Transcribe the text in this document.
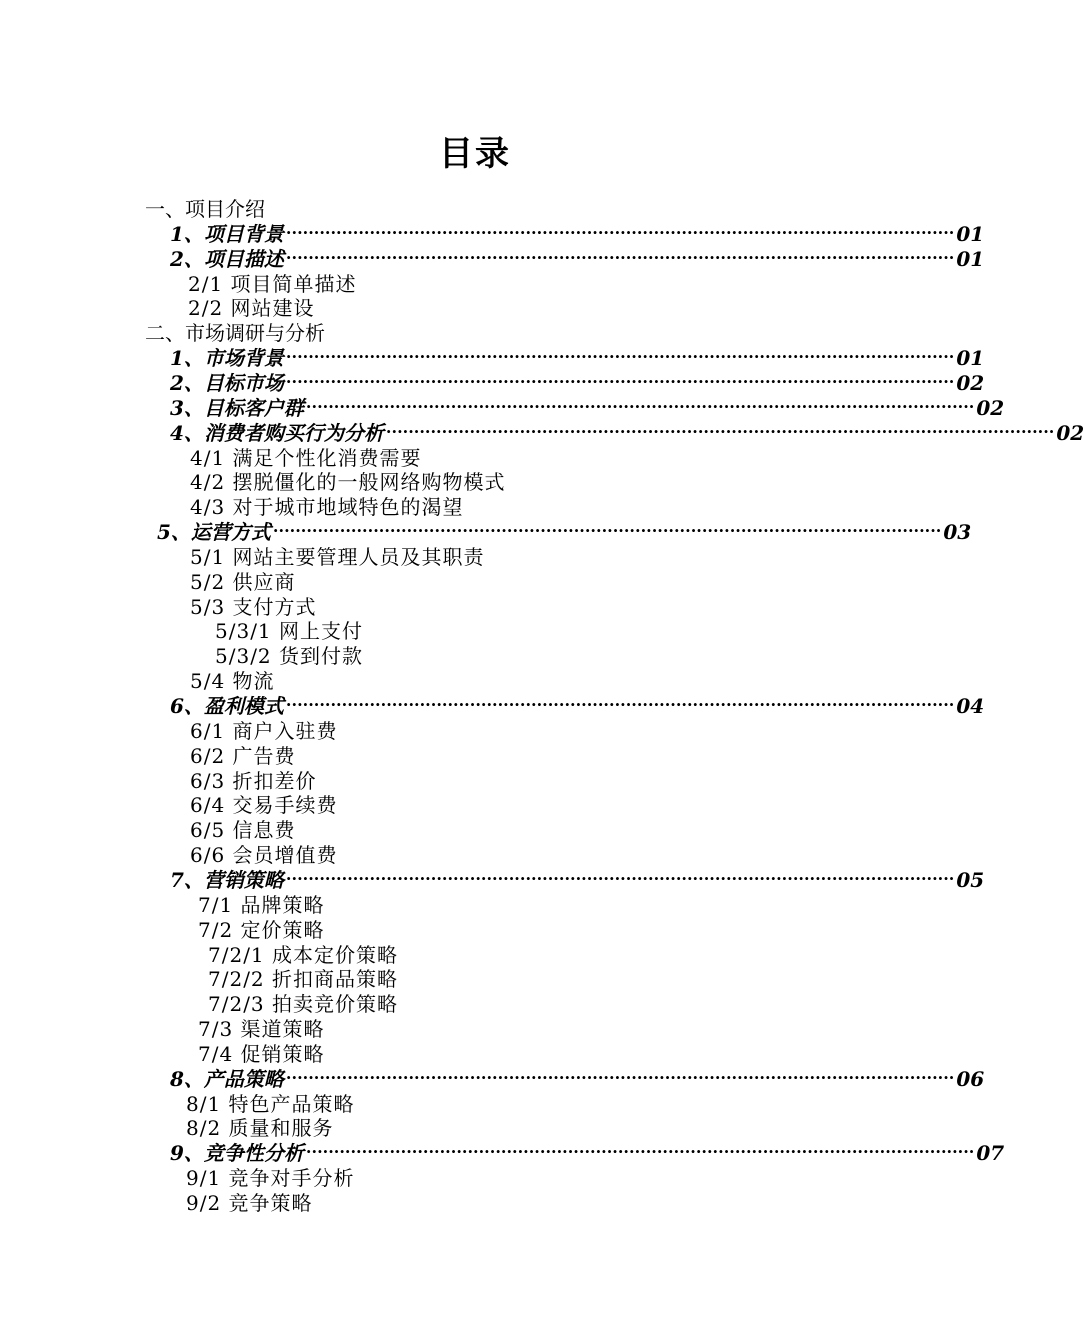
目录
一、项目介绍
1、项目背景 ························································································································ 01
2、项目描述 ························································································································ 01
2/1 项目简单描述
2/2 网站建设
二、市场调研与分析
1、市场背景 ························································································································ 01
2、目标市场 ························································································································ 02
3、目标客户群 ························································································································ 02
4、消费者购买行为分析 ························································································································ 02
4/1 满足个性化消费需要
4/2 摆脱僵化的一般网络购物模式
4/3 对于城市地域特色的渴望
5、运营方式 ························································································································ 03
5/1 网站主要管理人员及其职责
5/2 供应商
5/3 支付方式
5/3/1 网上支付
5/3/2 货到付款
5/4 物流
6、盈利模式 ························································································································ 04
6/1 商户入驻费
6/2 广告费
6/3 折扣差价
6/4 交易手续费
6/5 信息费
6/6 会员增值费
7、营销策略 ························································································································ 05
7/1 品牌策略
7/2 定价策略
7/2/1 成本定价策略
7/2/2 折扣商品策略
7/2/3 拍卖竞价策略
7/3 渠道策略
7/4 促销策略
8、产品策略 ························································································································ 06
8/1 特色产品策略
8/2 质量和服务
9、竞争性分析 ························································································································ 07
9/1 竞争对手分析
9/2 竞争策略
